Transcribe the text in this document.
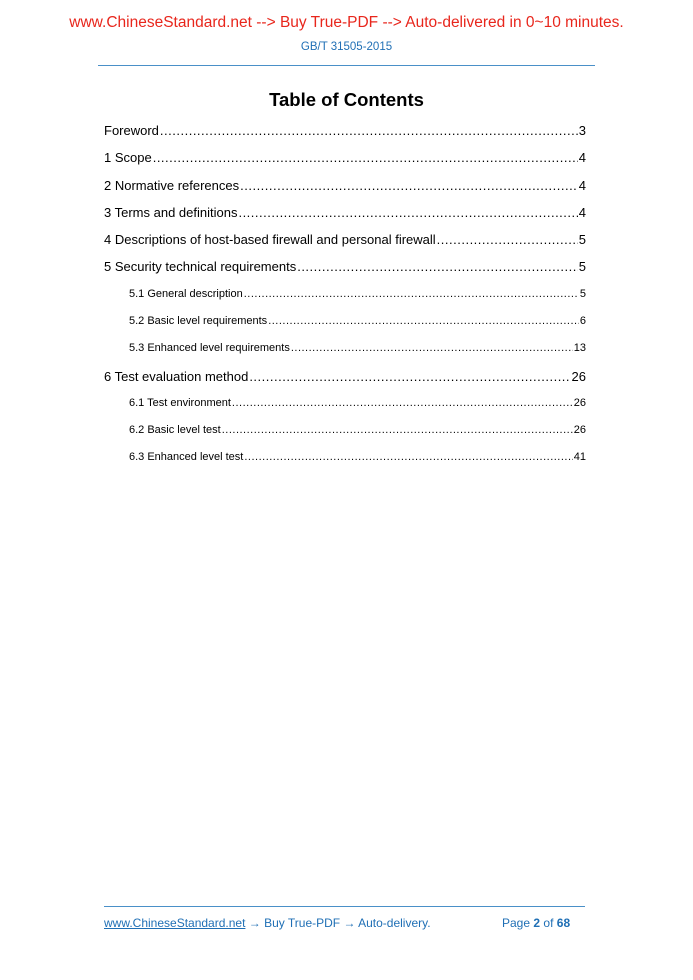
www.ChineseStandard.net --> Buy True-PDF --> Auto-delivered in 0~10 minutes.
GB/T 31505-2015
Table of Contents
Foreword .....	3
1 Scope .....	4
2 Normative references .....	4
3 Terms and definitions .....	4
4 Descriptions of host-based firewall and personal firewall .....	5
5 Security technical requirements .....	5
5.1 General description .....	5
5.2 Basic level requirements .....	6
5.3 Enhanced level requirements .....	13
6 Test evaluation method .....	26
6.1 Test environment .....	26
6.2 Basic level test .....	26
6.3 Enhanced level test .....	41
www.ChineseStandard.net → Buy True-PDF → Auto-delivery.	Page 2 of 68
